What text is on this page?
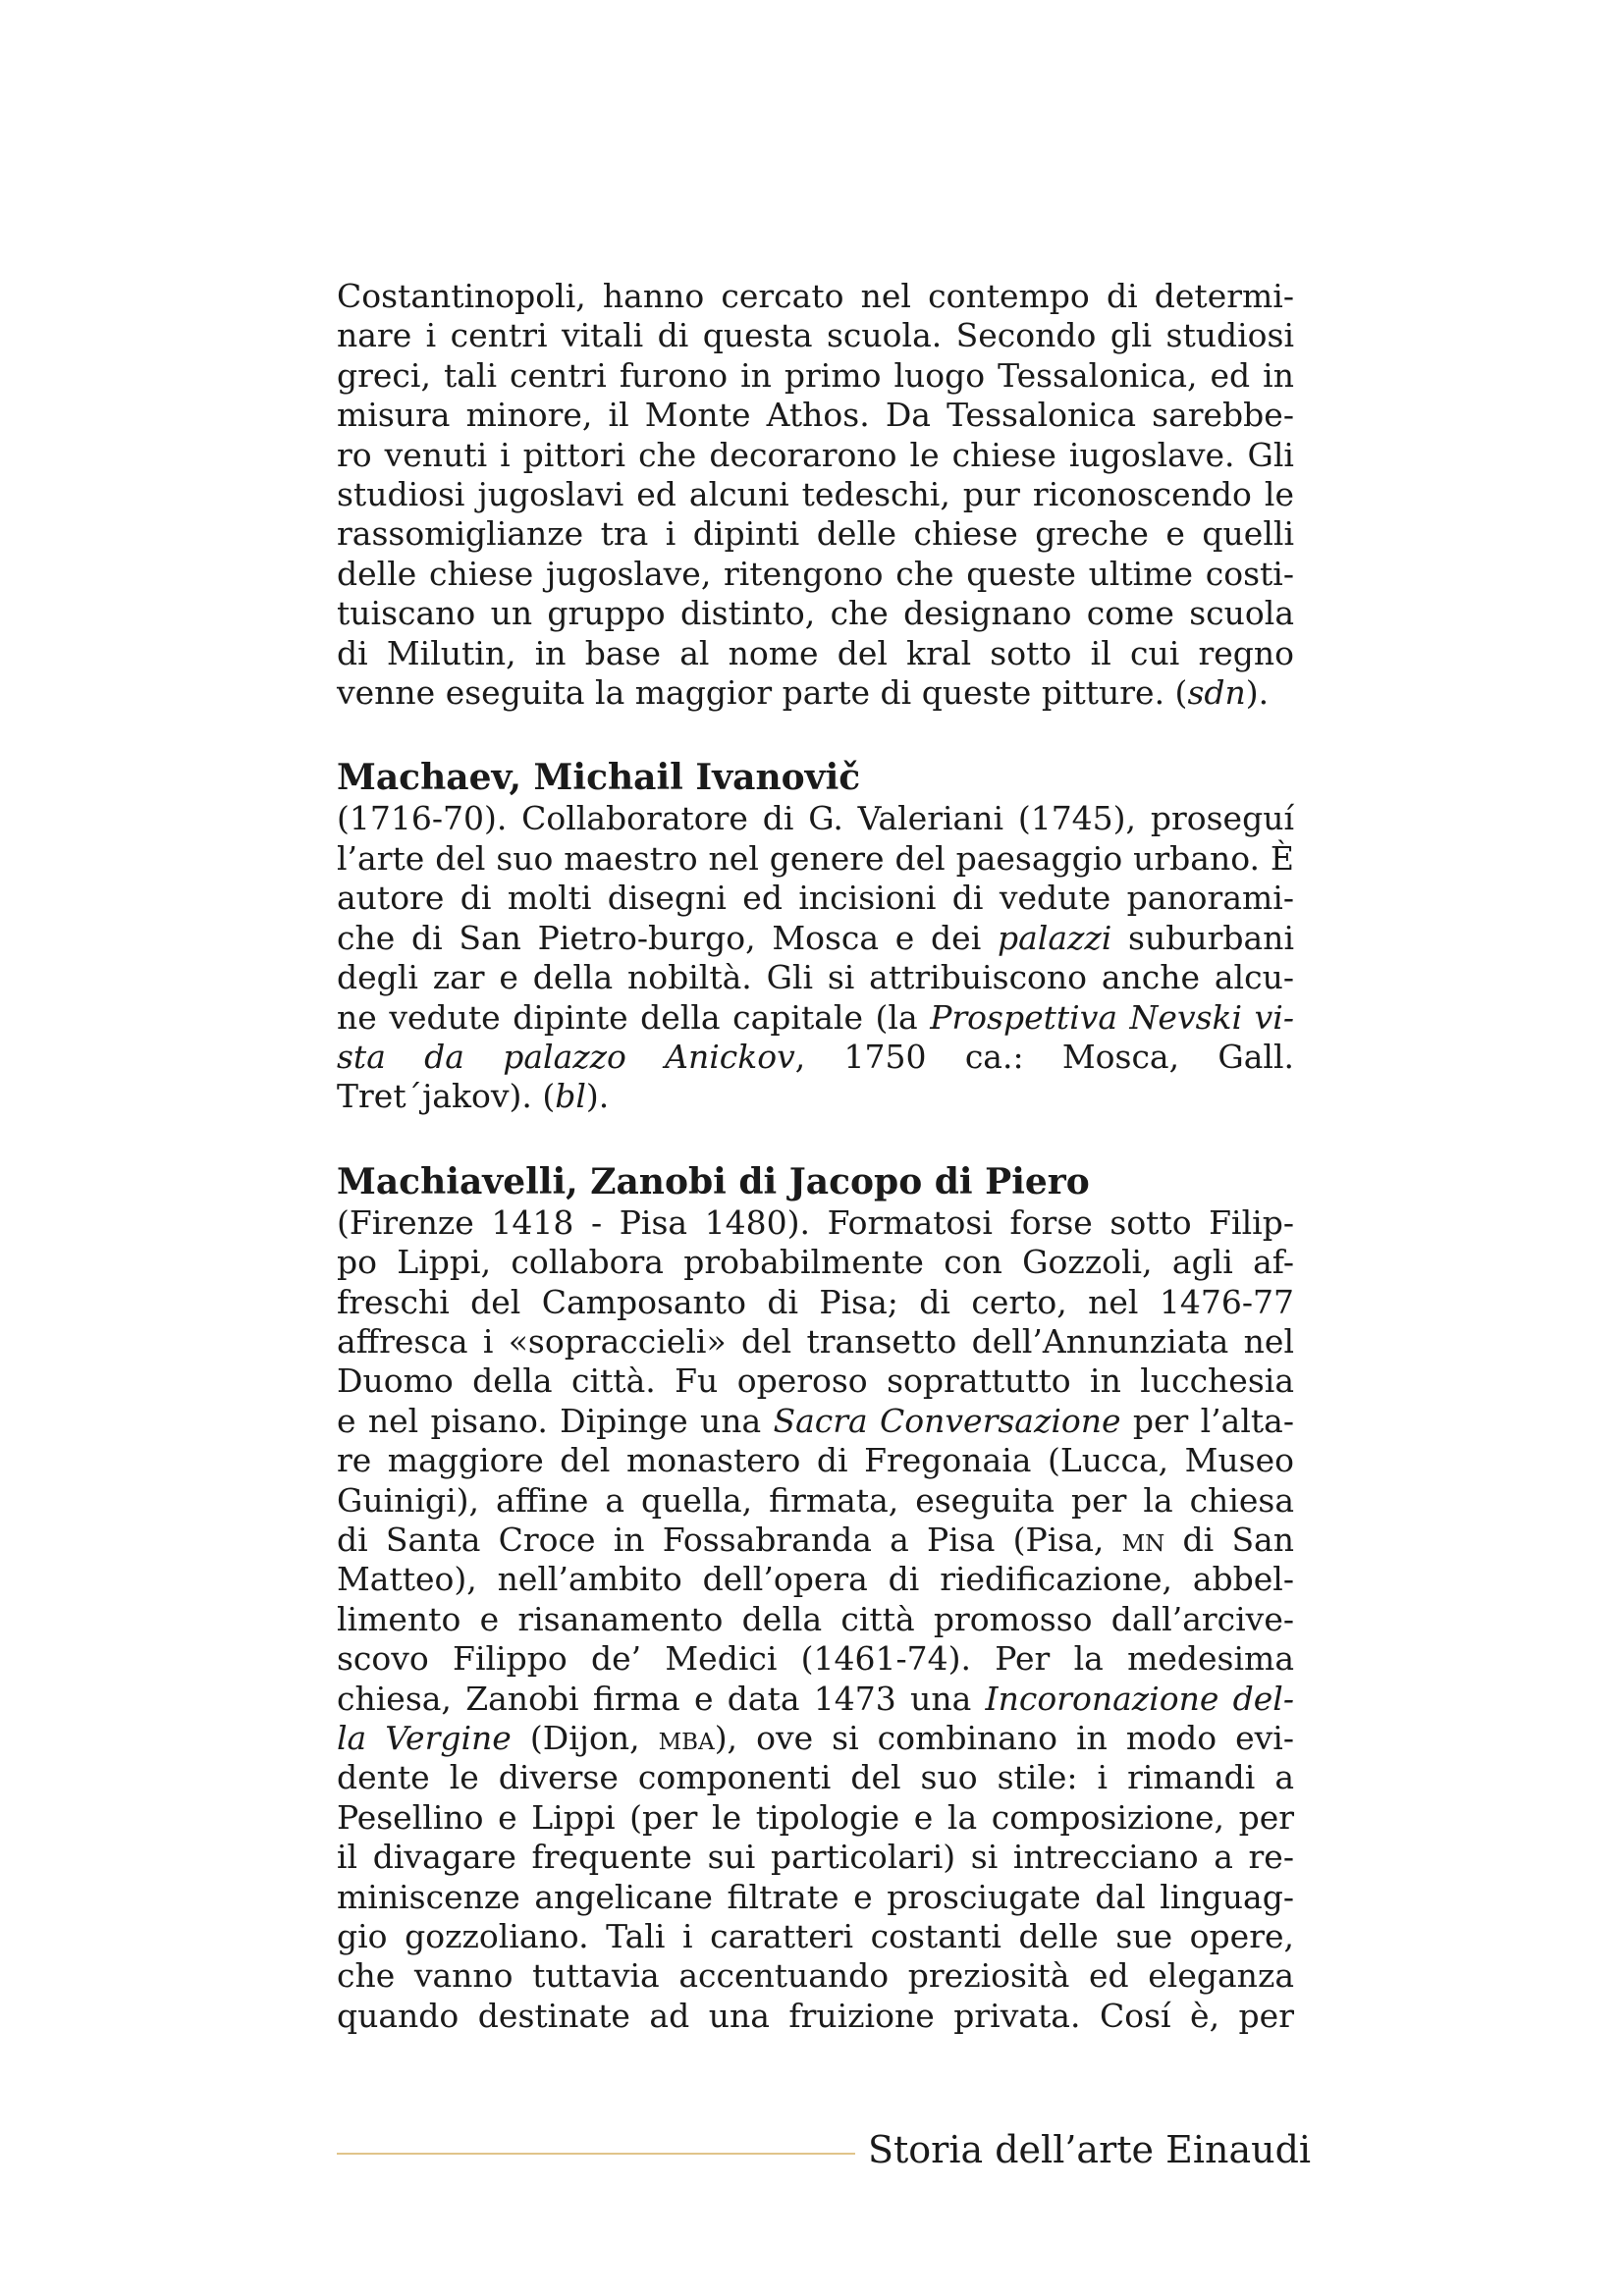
Costantinopoli, hanno cercato nel contempo di determi-
nare i centri vitali di questa scuola. Secondo gli studiosi
greci, tali centri furono in primo luogo Tessalonica, ed in
misura minore, il Monte Athos. Da Tessalonica sarebbe-
ro venuti i pittori che decorarono le chiese iugoslave. Gli
studiosi jugoslavi ed alcuni tedeschi, pur riconoscendo le
rassomiglianze tra i dipinti delle chiese greche e quelli
delle chiese jugoslave, ritengono che queste ultime costi-
tuiscano un gruppo distinto, che designano come scuola
di Milutin, in base al nome del kral sotto il cui regno
venne eseguita la maggior parte di queste pitture. (sdn).
Machaev, Michail Ivanovič
(1716-70). Collaboratore di G. Valeriani (1745), proseguí
l’arte del suo maestro nel genere del paesaggio urbano. È
autore di molti disegni ed incisioni di vedute panorami-
che di San Pietro-burgo, Mosca e dei palazzi suburbani
degli zar e della nobiltà. Gli si attribuiscono anche alcu-
ne vedute dipinte della capitale (la Prospettiva Nevski vi-
sta da palazzo Anickov, 1750 ca.: Mosca, Gall.
Tret´jakov). (bl).
Machiavelli, Zanobi di Jacopo di Piero
(Firenze 1418 - Pisa 1480). Formatosi forse sotto Filip-
po Lippi, collabora probabilmente con Gozzoli, agli af-
freschi del Camposanto di Pisa; di certo, nel 1476-77
affresca i «sopraccieli» del transetto dell’Annunziata nel
Duomo della città. Fu operoso soprattutto in lucchesia
e nel pisano. Dipinge una Sacra Conversazione per l’alta-
re maggiore del monastero di Fregonaia (Lucca, Museo
Guinigi), affine a quella, firmata, eseguita per la chiesa
di Santa Croce in Fossabranda a Pisa (Pisa, mn di San
Matteo), nell’ambito dell’opera di riedificazione, abbel-
limento e risanamento della città promosso dall’arcive-
scovo Filippo de’ Medici (1461-74). Per la medesima
chiesa, Zanobi firma e data 1473 una Incoronazione del-
la Vergine (Dijon, mba), ove si combinano in modo evi-
dente le diverse componenti del suo stile: i rimandi a
Pesellino e Lippi (per le tipologie e la composizione, per
il divagare frequente sui particolari) si intrecciano a re-
miniscenze angelicane filtrate e prosciugate dal linguag-
gio gozzoliano. Tali i caratteri costanti delle sue opere,
che vanno tuttavia accentuando preziosità ed eleganza
quando destinate ad una fruizione privata. Cosí è, per
Storia dell’arte Einaudi
